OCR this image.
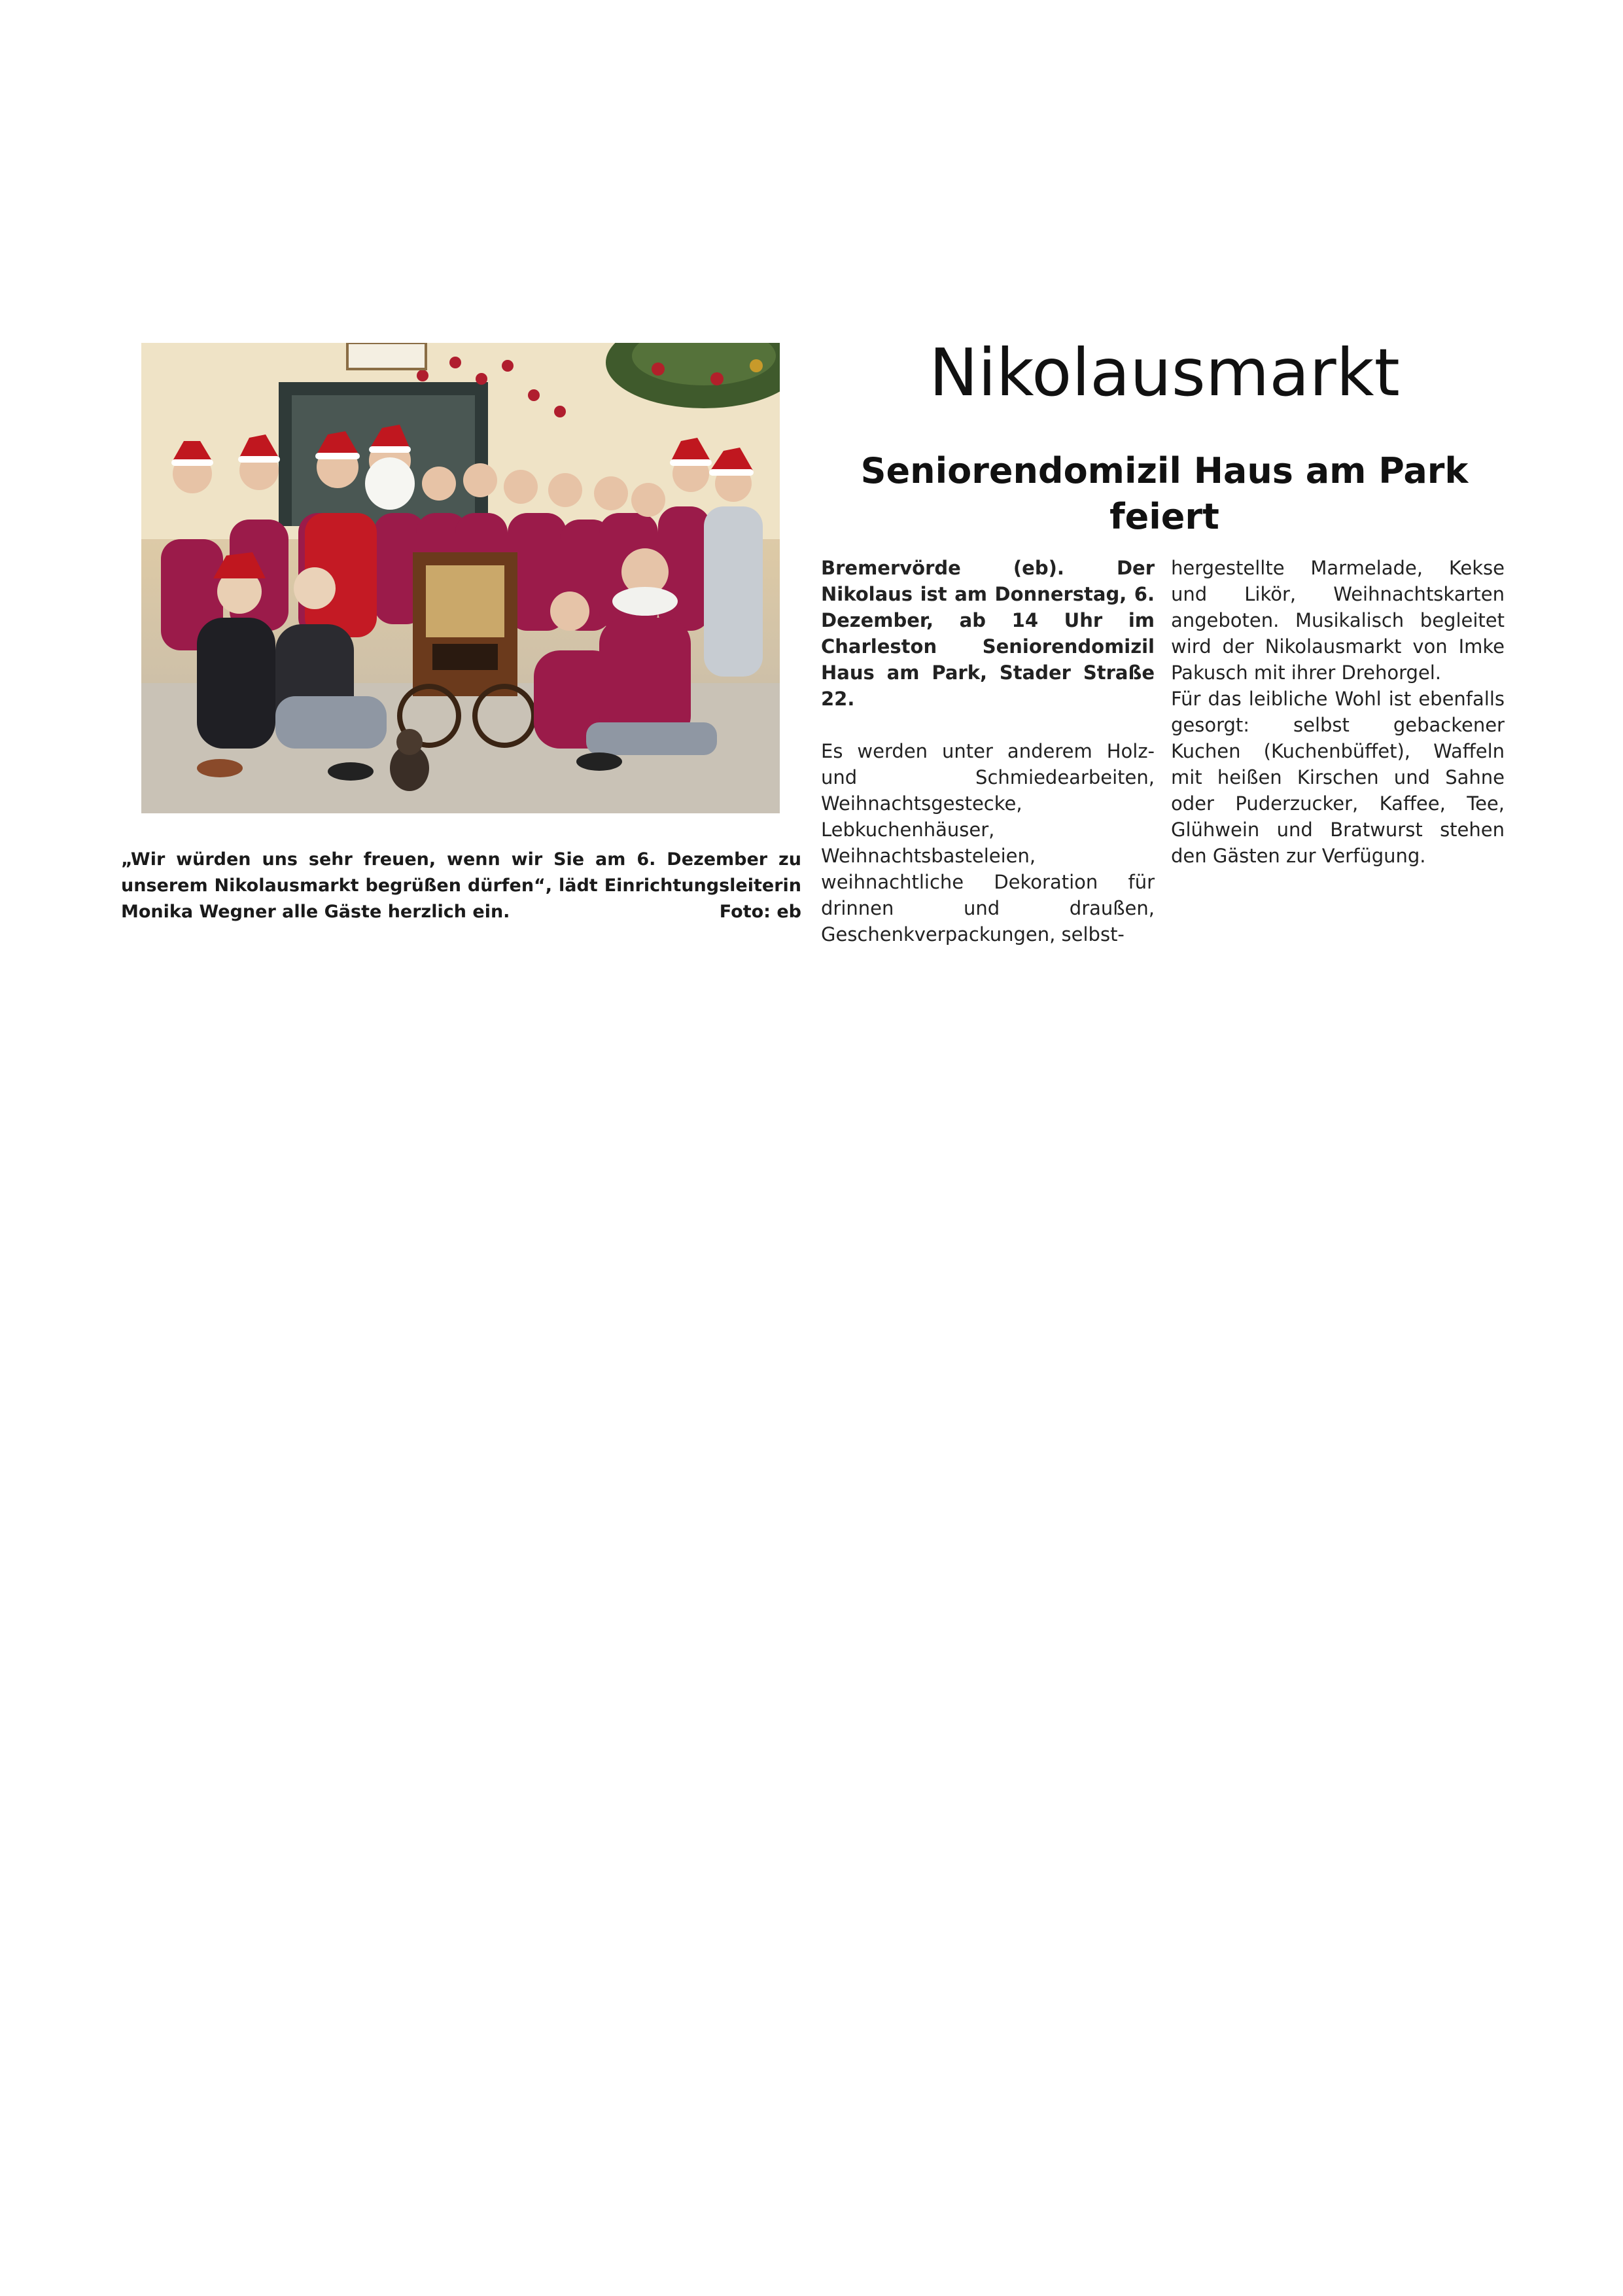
„Wir würden uns sehr freuen, wenn wir Sie am 6. Dezember zu unserem Nikolausmarkt begrüßen dürfen“, lädt Einrichtungsleiterin Monika Wegner alle Gäste herzlich ein.	Foto: eb
Nikolausmarkt
Seniorendomizil Haus am Park feiert

Bremervörde (eb). Der Nikolaus ist am Donnerstag, 6. Dezember, ab 14 Uhr im Charleston Seniorendomizil Haus am Park, Stader Straße 22.

Es werden unter anderem Holz- und Schmiedearbeiten, Weihnachtsgestecke, Lebkuchenhäuser, Weihnachtsbasteleien, weihnachtliche Dekoration für drinnen und draußen, Geschenkverpackungen, selbst-

hergestellte Marmelade, Kekse und Likör, Weihnachtskarten angeboten. Musikalisch begleitet wird der Nikolausmarkt von Imke Pakusch mit ihrer Drehorgel.

Für das leibliche Wohl ist ebenfalls gesorgt: selbst gebackener Kuchen (Kuchenbüffet), Waffeln mit heißen Kirschen und Sahne oder Puderzucker, Kaffee, Tee, Glühwein und Bratwurst stehen den Gästen zur Verfügung.
